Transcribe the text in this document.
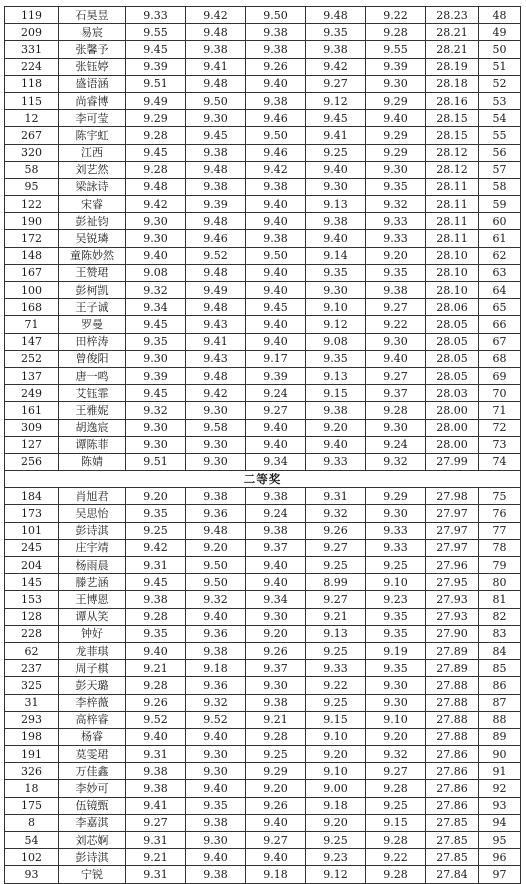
119	石昊昱	9.33	9.42	9.50	9.48	9.22	28.23	48
209	易宸	9.55	9.48	9.38	9.35	9.28	28.21	49
331	张馨予	9.45	9.38	9.38	9.38	9.55	28.21	50
224	张钰婷	9.39	9.41	9.26	9.42	9.39	28.19	51
118	盛语涵	9.51	9.48	9.40	9.27	9.30	28.18	52
115	尚睿博	9.49	9.50	9.38	9.12	9.29	28.16	53
12	李可莹	9.29	9.30	9.46	9.45	9.40	28.15	54
267	陈宇虹	9.28	9.45	9.50	9.41	9.29	28.15	55
320	江西	9.45	9.38	9.46	9.25	9.29	28.12	56
58	刘艺然	9.28	9.48	9.42	9.40	9.30	28.12	57
95	梁詠诗	9.48	9.38	9.38	9.30	9.35	28.11	58
122	宋睿	9.42	9.39	9.40	9.13	9.32	28.11	59
190	彭祉钧	9.30	9.48	9.40	9.38	9.33	28.11	60
172	吴锐璘	9.30	9.46	9.38	9.40	9.33	28.11	61
148	童陈妙然	9.40	9.52	9.50	9.14	9.20	28.10	62
167	王赞珺	9.08	9.48	9.40	9.35	9.35	28.10	63
100	彭柯凯	9.32	9.49	9.40	9.30	9.38	28.10	64
168	王子诚	9.34	9.48	9.45	9.10	9.27	28.06	65
71	罗曼	9.45	9.43	9.40	9.12	9.22	28.05	66
147	田梓涛	9.35	9.41	9.40	9.08	9.30	28.05	67
252	曾俊阳	9.30	9.43	9.17	9.35	9.40	28.05	68
137	唐一鸣	9.39	9.48	9.39	9.13	9.27	28.05	69
249	艾钰霏	9.45	9.42	9.24	9.15	9.37	28.03	70
161	王雅妮	9.32	9.30	9.27	9.38	9.28	28.00	71
309	胡逸宸	9.30	9.58	9.40	9.20	9.30	28.00	72
127	谭陈菲	9.30	9.30	9.40	9.40	9.24	28.00	73
256	陈婧	9.51	9.30	9.34	9.33	9.32	27.99	74
二等奖								
184	肖旭君	9.20	9.38	9.38	9.31	9.29	27.98	75
173	吴思怡	9.35	9.36	9.24	9.32	9.30	27.97	76
101	彭诗淇	9.25	9.48	9.38	9.26	9.33	27.97	77
245	庄宇靖	9.42	9.20	9.37	9.27	9.33	27.97	78
204	杨雨晨	9.31	9.50	9.40	9.25	9.25	27.96	79
145	滕艺涵	9.45	9.50	9.40	8.99	9.10	27.95	80
153	王博恩	9.38	9.32	9.34	9.27	9.23	27.93	81
128	谭从笑	9.28	9.40	9.30	9.21	9.35	27.93	82
228	钟好	9.35	9.36	9.20	9.13	9.35	27.90	83
62	龙菲琪	9.40	9.38	9.26	9.25	9.19	27.89	84
237	周子棋	9.21	9.18	9.37	9.33	9.35	27.89	85
325	彭天璐	9.28	9.36	9.30	9.22	9.30	27.88	86
31	李梓薇	9.26	9.32	9.38	9.25	9.30	27.88	87
293	高梓睿	9.52	9.52	9.21	9.15	9.10	27.88	88
198	杨睿	9.40	9.40	9.28	9.10	9.20	27.88	89
191	莫雯珺	9.31	9.30	9.25	9.20	9.32	27.86	90
326	万佳鑫	9.38	9.30	9.29	9.10	9.27	27.86	91
18	李妙可	9.38	9.40	9.20	9.00	9.28	27.86	92
175	伍镜甄	9.41	9.35	9.26	9.18	9.25	27.86	93
8	李嘉淇	9.27	9.38	9.40	9.20	9.15	27.85	94
54	刘芯婀	9.31	9.30	9.27	9.25	9.28	27.85	95
102	彭诗淇	9.21	9.40	9.40	9.23	9.22	27.85	96
93	宁锐	9.31	9.38	9.18	9.12	9.28	27.84	97
